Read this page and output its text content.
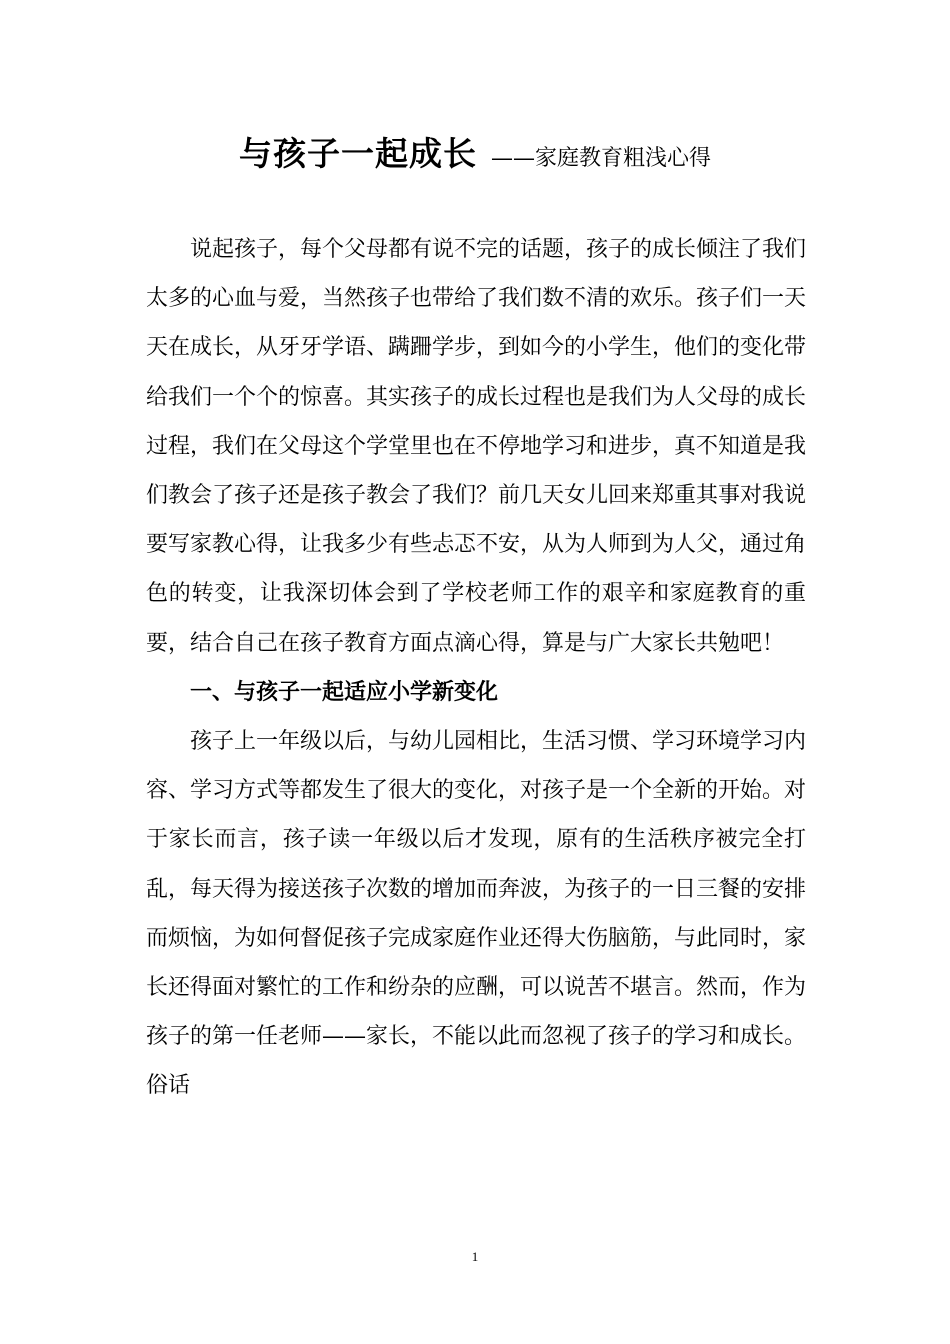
与孩子一起成长 ——家庭教育粗浅心得

说起孩子，每个父母都有说不完的话题，孩子的成长倾注了我们太多的心血与爱，当然孩子也带给了我们数不清的欢乐。孩子们一天天在成长，从牙牙学语、蹒跚学步，到如今的小学生，他们的变化带给我们一个个的惊喜。其实孩子的成长过程也是我们为人父母的成长过程，我们在父母这个学堂里也在不停地学习和进步，真不知道是我们教会了孩子还是孩子教会了我们？前几天女儿回来郑重其事对我说要写家教心得，让我多少有些忐忑不安，从为人师到为人父，通过角色的转变，让我深切体会到了学校老师工作的艰辛和家庭教育的重要，结合自己在孩子教育方面点滴心得，算是与广大家长共勉吧！

一、与孩子一起适应小学新变化

孩子上一年级以后，与幼儿园相比，生活习惯、学习环境学习内容、学习方式等都发生了很大的变化，对孩子是一个全新的开始。对于家长而言，孩子读一年级以后才发现，原有的生活秩序被完全打乱，每天得为接送孩子次数的增加而奔波，为孩子的一日三餐的安排而烦恼，为如何督促孩子完成家庭作业还得大伤脑筋，与此同时，家长还得面对繁忙的工作和纷杂的应酬，可以说苦不堪言。然而，作为孩子的第一任老师——家长，不能以此而忽视了孩子的学习和成长。俗话

1
